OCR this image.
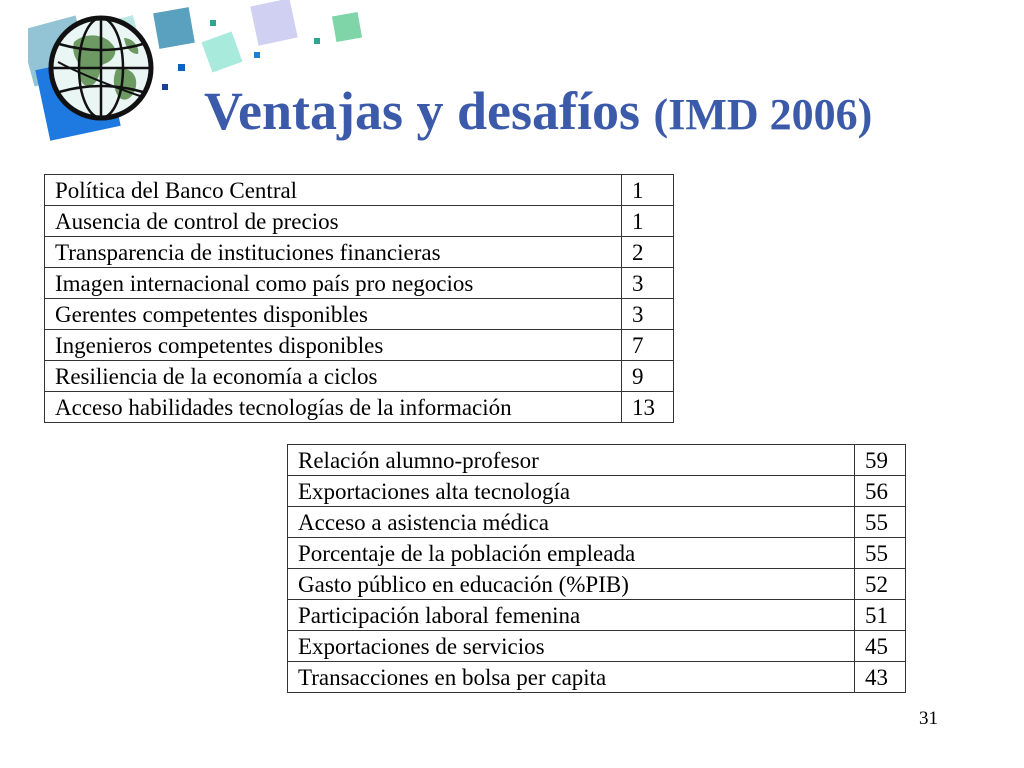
Ventajas y desafíos (IMD 2006)
Política del Banco Central	1
Ausencia de control de precios	1
Transparencia de instituciones financieras	2
Imagen internacional como país pro negocios	3
Gerentes competentes disponibles	3
Ingenieros competentes disponibles	7
Resiliencia de la economía a ciclos	9
Acceso habilidades tecnologías de la información	13
Relación alumno-profesor	59
Exportaciones alta tecnología	56
Acceso a asistencia médica	55
Porcentaje de la población empleada	55
Gasto público en educación (%PIB)	52
Participación laboral femenina	51
Exportaciones de servicios	45
Transacciones en bolsa per capita	43
31
